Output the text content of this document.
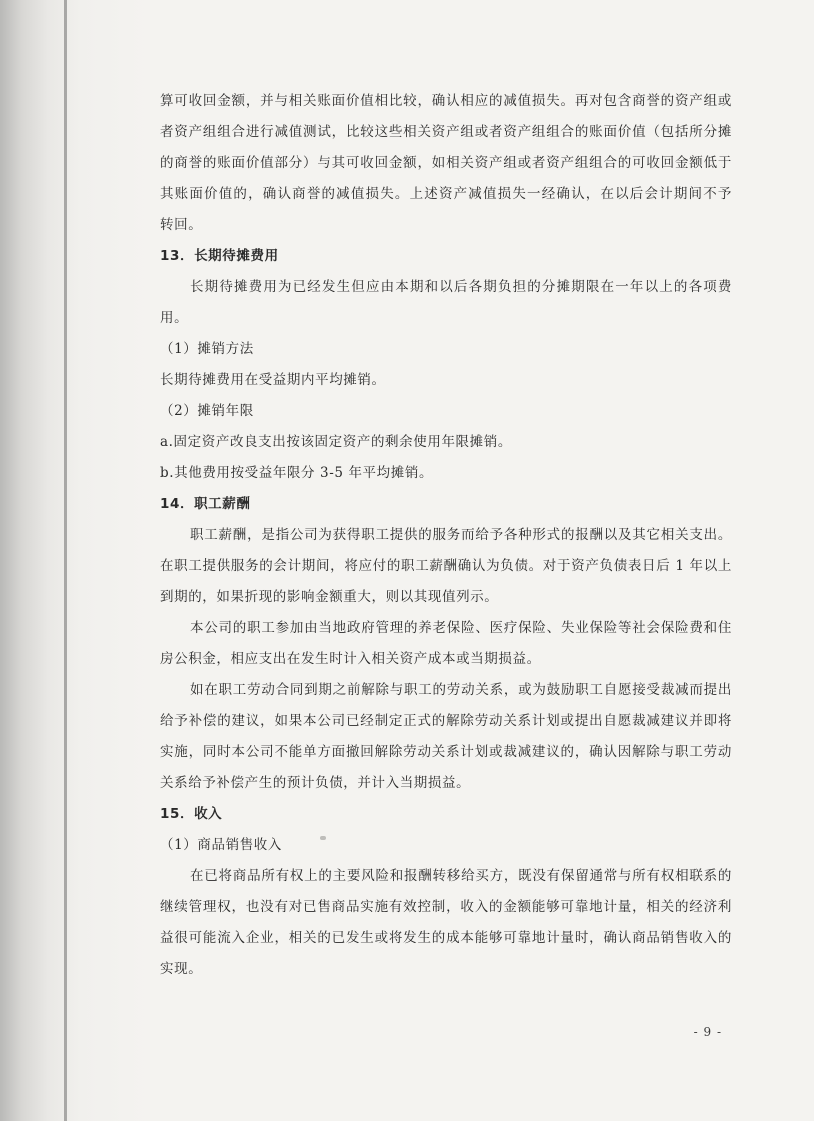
算可收回金额，并与相关账面价值相比较，确认相应的减值损失。再对包含商誉的资产组或
者资产组组合进行减值测试，比较这些相关资产组或者资产组组合的账面价值（包括所分摊
的商誉的账面价值部分）与其可收回金额，如相关资产组或者资产组组合的可收回金额低于
其账面价值的，确认商誉的减值损失。上述资产减值损失一经确认，在以后会计期间不予
转回。
13．长期待摊费用
长期待摊费用为已经发生但应由本期和以后各期负担的分摊期限在一年以上的各项费
用。
（1）摊销方法
长期待摊费用在受益期内平均摊销。
（2）摊销年限
a.固定资产改良支出按该固定资产的剩余使用年限摊销。
b.其他费用按受益年限分 3-5 年平均摊销。
14．职工薪酬
职工薪酬，是指公司为获得职工提供的服务而给予各种形式的报酬以及其它相关支出。
在职工提供服务的会计期间，将应付的职工薪酬确认为负债。对于资产负债表日后 1 年以上
到期的，如果折现的影响金额重大，则以其现值列示。
本公司的职工参加由当地政府管理的养老保险、医疗保险、失业保险等社会保险费和住
房公积金，相应支出在发生时计入相关资产成本或当期损益。
如在职工劳动合同到期之前解除与职工的劳动关系，或为鼓励职工自愿接受裁减而提出
给予补偿的建议，如果本公司已经制定正式的解除劳动关系计划或提出自愿裁减建议并即将
实施，同时本公司不能单方面撤回解除劳动关系计划或裁减建议的，确认因解除与职工劳动
关系给予补偿产生的预计负债，并计入当期损益。
15．收入
（1）商品销售收入
在已将商品所有权上的主要风险和报酬转移给买方，既没有保留通常与所有权相联系的
继续管理权，也没有对已售商品实施有效控制，收入的金额能够可靠地计量，相关的经济利
益很可能流入企业，相关的已发生或将发生的成本能够可靠地计量时，确认商品销售收入的
实现。
- 9 -
